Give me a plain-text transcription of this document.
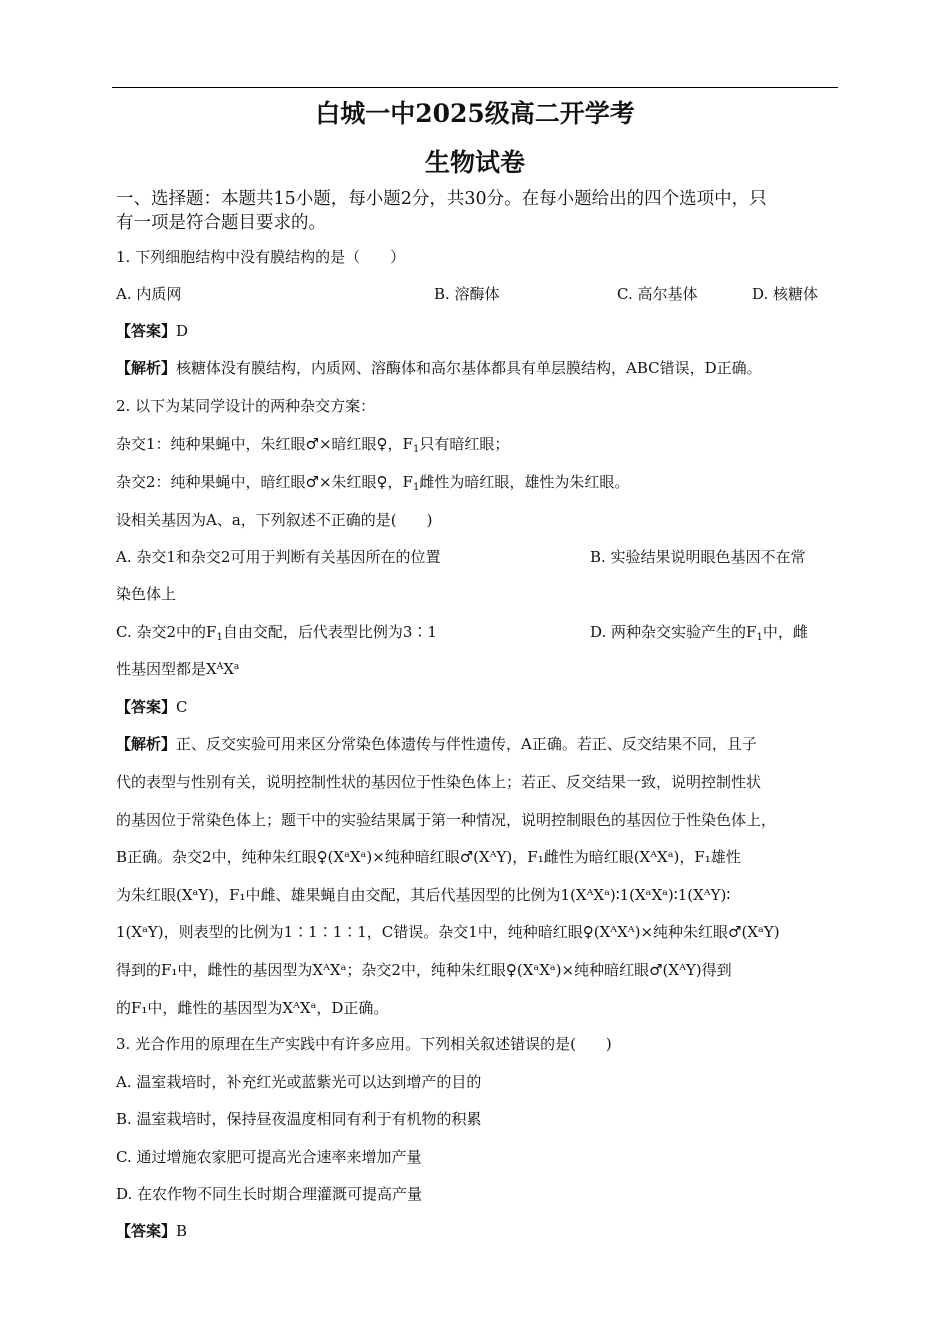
白城一中2025级高二开学考
生物试卷
一、选择题：本题共15小题，每小题2分，共30分。在每小题给出的四个选项中，只
有一项是符合题目要求的。
1. 下列细胞结构中没有膜结构的是（　　）
A. 内质网	B. 溶酶体	C. 高尔基体	D. 核糖体
【答案】D
【解析】核糖体没有膜结构，内质网、溶酶体和高尔基体都具有单层膜结构，ABC错误，D正确。
2. 以下为某同学设计的两种杂交方案：
杂交1：纯种果蝇中，朱红眼♂×暗红眼♀，$F_1$只有暗红眼；
杂交2：纯种果蝇中，暗红眼♂×朱红眼♀，$F_1$雌性为暗红眼，雄性为朱红眼。
设相关基因为A、a，下列叙述不正确的是(　　)
A. 杂交1和杂交2可用于判断有关基因所在的位置	B. 实验结果说明眼色基因不在常
染色体上
C. 杂交2中的$F_1$自由交配，后代表型比例为3∶1	D. 两种杂交实验产生的$F_1$中，雌
性基因型都是$X^AX^a$
【答案】C
【解析】正、反交实验可用来区分常染色体遗传与伴性遗传，A正确。若正、反交结果不同，且子
代的表型与性别有关，说明控制性状的基因位于性染色体上；若正、反交结果一致，说明控制性状
的基因位于常染色体上；题干中的实验结果属于第一种情况，说明控制眼色的基因位于性染色体上，
B正确。杂交2中，纯种朱红眼♀(XᵃXᵃ)×纯种暗红眼♂(XᴬY)，F₁雌性为暗红眼(XᴬXᵃ)，F₁雄性
为朱红眼(XᵃY)，F₁中雌、雄果蝇自由交配，其后代基因型的比例为1(XᴬXᵃ)∶1(XᵃXᵃ)∶1(XᴬY)∶
1(XᵃY)，则表型的比例为1∶1∶1∶1，C错误。杂交1中，纯种暗红眼♀(XᴬXᴬ)×纯种朱红眼♂(XᵃY)
得到的F₁中，雌性的基因型为XᴬXᵃ；杂交2中，纯种朱红眼♀(XᵃXᵃ)×纯种暗红眼♂(XᴬY)得到
的F₁中，雌性的基因型为XᴬXᵃ，D正确。
3. 光合作用的原理在生产实践中有许多应用。下列相关叙述错误的是(　　)
A. 温室栽培时，补充红光或蓝紫光可以达到增产的目的
B. 温室栽培时，保持昼夜温度相同有利于有机物的积累
C. 通过增施农家肥可提高光合速率来增加产量
D. 在农作物不同生长时期合理灌溉可提高产量
【答案】B
